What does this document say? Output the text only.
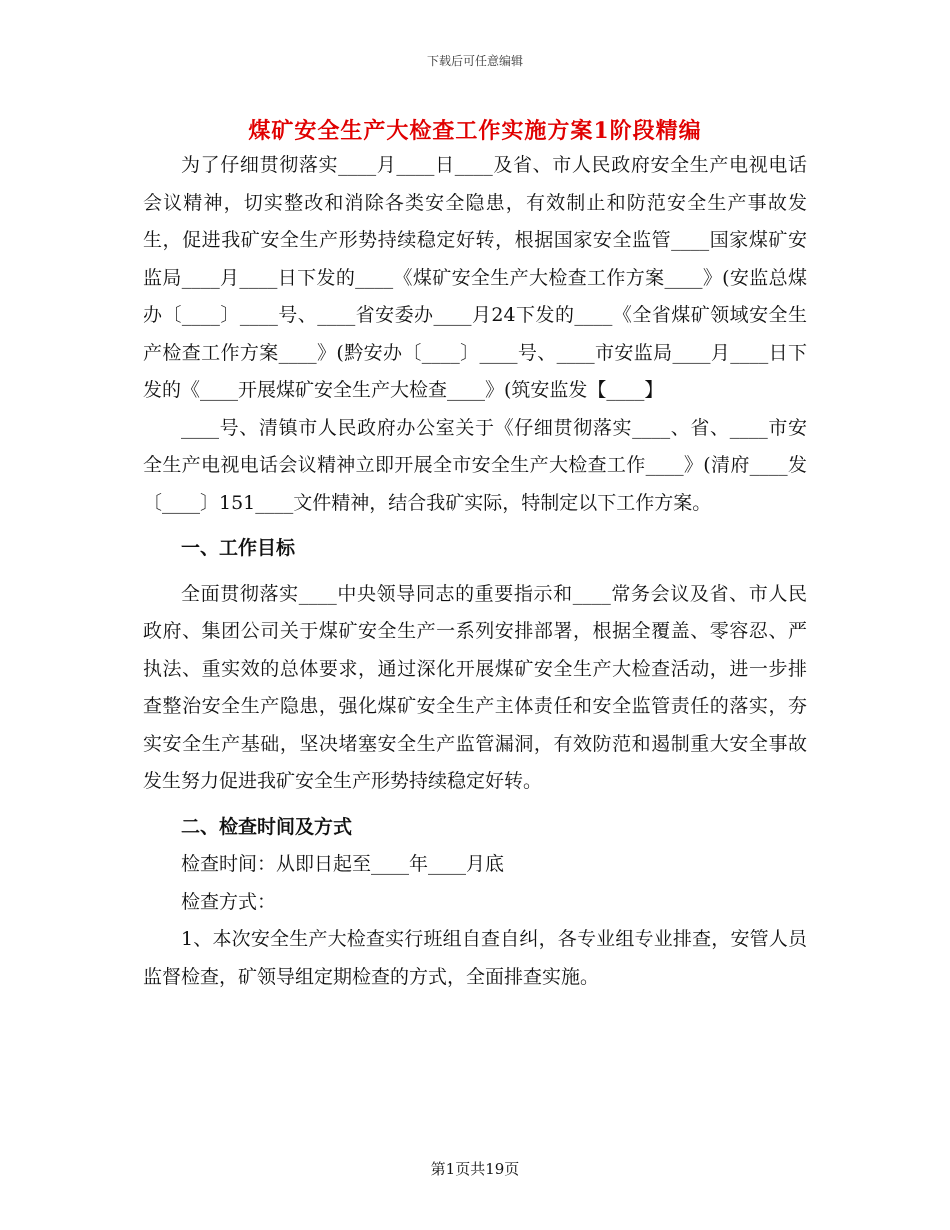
下载后可任意编辑
煤矿安全生产大检查工作实施方案1阶段精编

为了仔细贯彻落实____月____日____及省、市人民政府安全生产电视电话会议精神，切实整改和消除各类安全隐患，有效制止和防范安全生产事故发生，促进我矿安全生产形势持续稳定好转，根据国家安全监管____国家煤矿安监局____月____日下发的____《煤矿安全生产大检查工作方案____》(安监总煤办〔____〕____号、____省安委办____月24下发的____《全省煤矿领域安全生产检查工作方案____》(黔安办〔____〕____号、____市安监局____月____日下发的《____开展煤矿安全生产大检查____》(筑安监发【____】

____号、清镇市人民政府办公室关于《仔细贯彻落实____、省、____市安全生产电视电话会议精神立即开展全市安全生产大检查工作____》(清府____发〔____〕151____文件精神，结合我矿实际，特制定以下工作方案。

一、工作目标

全面贯彻落实____中央领导同志的重要指示和____常务会议及省、市人民政府、集团公司关于煤矿安全生产一系列安排部署，根据全覆盖、零容忍、严执法、重实效的总体要求，通过深化开展煤矿安全生产大检查活动，进一步排查整治安全生产隐患，强化煤矿安全生产主体责任和安全监管责任的落实，夯实安全生产基础，坚决堵塞安全生产监管漏洞，有效防范和遏制重大安全事故发生努力促进我矿安全生产形势持续稳定好转。

二、检查时间及方式

检查时间：从即日起至____年____月底

检查方式：

1、本次安全生产大检查实行班组自查自纠，各专业组专业排查，安管人员监督检查，矿领导组定期检查的方式，全面排查实施。

第1页共19页
